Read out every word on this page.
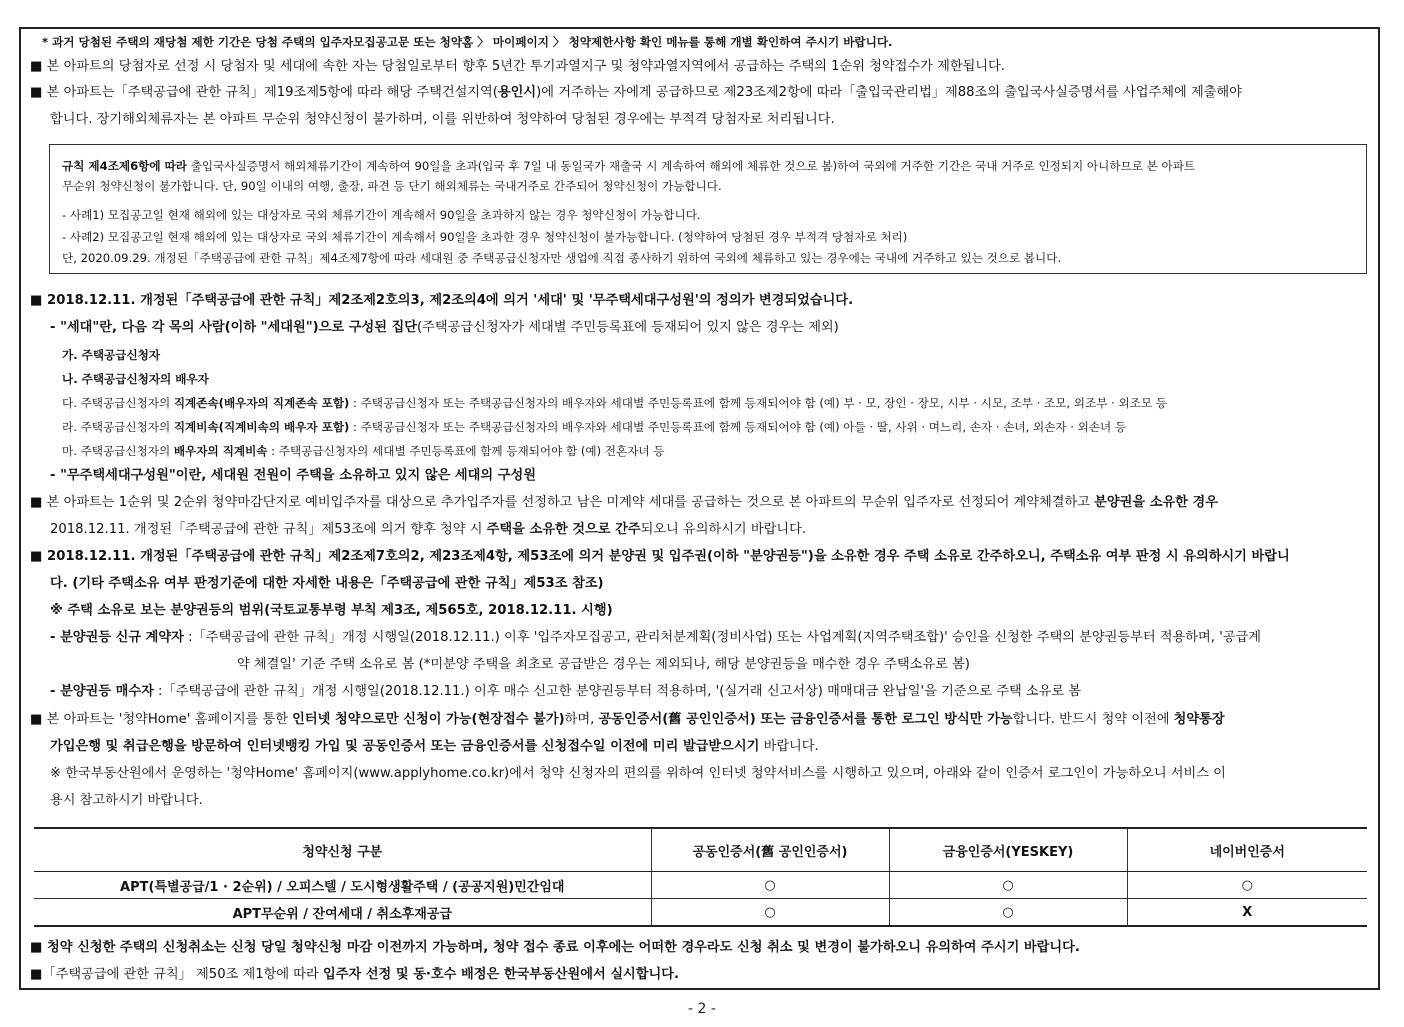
* 과거 당첨된 주택의 재당첨 제한 기간은 당첨 주택의 입주자모집공고문 또는 청약홈 〉 마이페이지 〉 청약제한사항 확인 메뉴를 통해 개별 확인하여 주시기 바랍니다.
■ 본 아파트의 당첨자로 선정 시 당첨자 및 세대에 속한 자는 당첨일로부터 향후 5년간 투기과열지구 및 청약과열지역에서 공급하는 주택의 1순위 청약접수가 제한됩니다.
■ 본 아파트는「주택공급에 관한 규칙」제19조제5항에 따라 해당 주택건설지역(용인시)에 거주하는 자에게 공급하므로 제23조제2항에 따라「출입국관리법」제88조의 출입국사실증명서를 사업주체에 제출해야
합니다. 장기해외체류자는 본 아파트 무순위 청약신청이 불가하며, 이를 위반하여 청약하여 당첨된 경우에는 부적격 당첨자로 처리됩니다.
규칙 제4조제6항에 따라 출입국사실증명서 해외체류기간이 계속하여 90일을 초과(입국 후 7일 내 동일국가 재출국 시 계속하여 해외에 체류한 것으로 봄)하여 국외에 거주한 기간은 국내 거주로 인정되지 아니하므로 본 아파트
무순위 청약신청이 불가합니다. 단, 90일 이내의 여행, 출장, 파견 등 단기 해외체류는 국내거주로 간주되어 청약신청이 가능합니다.
- 사례1) 모집공고일 현재 해외에 있는 대상자로 국외 체류기간이 계속해서 90일을 초과하지 않는 경우 청약신청이 가능합니다.
- 사례2) 모집공고일 현재 해외에 있는 대상자로 국외 체류기간이 계속해서 90일을 초과한 경우 청약신청이 불가능합니다. (청약하여 당첨된 경우 부적격 당첨자로 처리)
단, 2020.09.29. 개정된「주택공급에 관한 규칙」제4조제7항에 따라 세대원 중 주택공급신청자만 생업에 직접 종사하기 위하여 국외에 체류하고 있는 경우에는 국내에 거주하고 있는 것으로 봅니다.
■ 2018.12.11. 개정된「주택공급에 관한 규칙」제2조제2호의3, 제2조의4에 의거 '세대' 및 '무주택세대구성원'의 정의가 변경되었습니다.
- "세대"란, 다음 각 목의 사람(이하 "세대원")으로 구성된 집단(주택공급신청자가 세대별 주민등록표에 등재되어 있지 않은 경우는 제외)
가. 주택공급신청자
나. 주택공급신청자의 배우자
다. 주택공급신청자의 직계존속(배우자의 직계존속 포함) : 주택공급신청자 또는 주택공급신청자의 배우자와 세대별 주민등록표에 함께 등재되어야 함 (예) 부 · 모, 장인 · 장모, 시부 · 시모, 조부 · 조모, 외조부 · 외조모 등
라. 주택공급신청자의 직계비속(직계비속의 배우자 포함) : 주택공급신청자 또는 주택공급신청자의 배우자와 세대별 주민등록표에 함께 등재되어야 함 (예) 아들 · 딸, 사위 · 며느리, 손자 · 손녀, 외손자 · 외손녀 등
마. 주택공급신청자의 배우자의 직계비속 : 주택공급신청자의 세대별 주민등록표에 함께 등재되어야 함 (예) 전혼자녀 등
- "무주택세대구성원"이란, 세대원 전원이 주택을 소유하고 있지 않은 세대의 구성원
■ 본 아파트는 1순위 및 2순위 청약마감단지로 예비입주자를 대상으로 추가입주자를 선정하고 남은 미계약 세대를 공급하는 것으로 본 아파트의 무순위 입주자로 선정되어 계약체결하고 분양권을 소유한 경우
2018.12.11. 개정된「주택공급에 관한 규칙」제53조에 의거 향후 청약 시 주택을 소유한 것으로 간주되오니 유의하시기 바랍니다.
■ 2018.12.11. 개정된「주택공급에 관한 규칙」제2조제7호의2, 제23조제4항, 제53조에 의거 분양권 및 입주권(이하 "분양권등")을 소유한 경우 주택 소유로 간주하오니, 주택소유 여부 판정 시 유의하시기 바랍니
다. (기타 주택소유 여부 판정기준에 대한 자세한 내용은「주택공급에 관한 규칙」제53조 참조)
※ 주택 소유로 보는 분양권등의 범위(국토교통부령 부칙 제3조, 제565호, 2018.12.11. 시행)
- 분양권등 신규 계약자 :「주택공급에 관한 규칙」개정 시행일(2018.12.11.) 이후 '입주자모집공고, 관리처분계획(정비사업) 또는 사업계획(지역주택조합)' 승인을 신청한 주택의 분양권등부터 적용하며, '공급계
약 체결일' 기준 주택 소유로 봄 (*미분양 주택을 최초로 공급받은 경우는 제외되나, 해당 분양권등을 매수한 경우 주택소유로 봄)
- 분양권등 매수자 :「주택공급에 관한 규칙」개정 시행일(2018.12.11.) 이후 매수 신고한 분양권등부터 적용하며, '(실거래 신고서상) 매매대금 완납일'을 기준으로 주택 소유로 봄
■ 본 아파트는 '청약Home' 홈페이지를 통한 인터넷 청약으로만 신청이 가능(현장접수 불가)하며, 공동인증서(舊 공인인증서) 또는 금융인증서를 통한 로그인 방식만 가능합니다. 반드시 청약 이전에 청약통장
가입은행 및 취급은행을 방문하여 인터넷뱅킹 가입 및 공동인증서 또는 금융인증서를 신청접수일 이전에 미리 발급받으시기 바랍니다.
※ 한국부동산원에서 운영하는 '청약Home' 홈페이지(www.applyhome.co.kr)에서 청약 신청자의 편의를 위하여 인터넷 청약서비스를 시행하고 있으며, 아래와 같이 인증서 로그인이 가능하오니 서비스 이
용시 참고하시기 바랍니다.
청약신청 구분	공동인증서(舊 공인인증서)	금융인증서(YESKEY)	네이버인증서
APT(특별공급/1 · 2순위) / 오피스텔 / 도시형생활주택 / (공공지원)민간임대	○	○	○
APT무순위 / 잔여세대 / 취소후재공급	○	○	X
■ 청약 신청한 주택의 신청취소는 신청 당일 청약신청 마감 이전까지 가능하며, 청약 접수 종료 이후에는 어떠한 경우라도 신청 취소 및 변경이 불가하오니 유의하여 주시기 바랍니다.
■「주택공급에 관한 규칙」 제50조 제1항에 따라 입주자 선정 및 동·호수 배정은 한국부동산원에서 실시합니다.
- 2 -
